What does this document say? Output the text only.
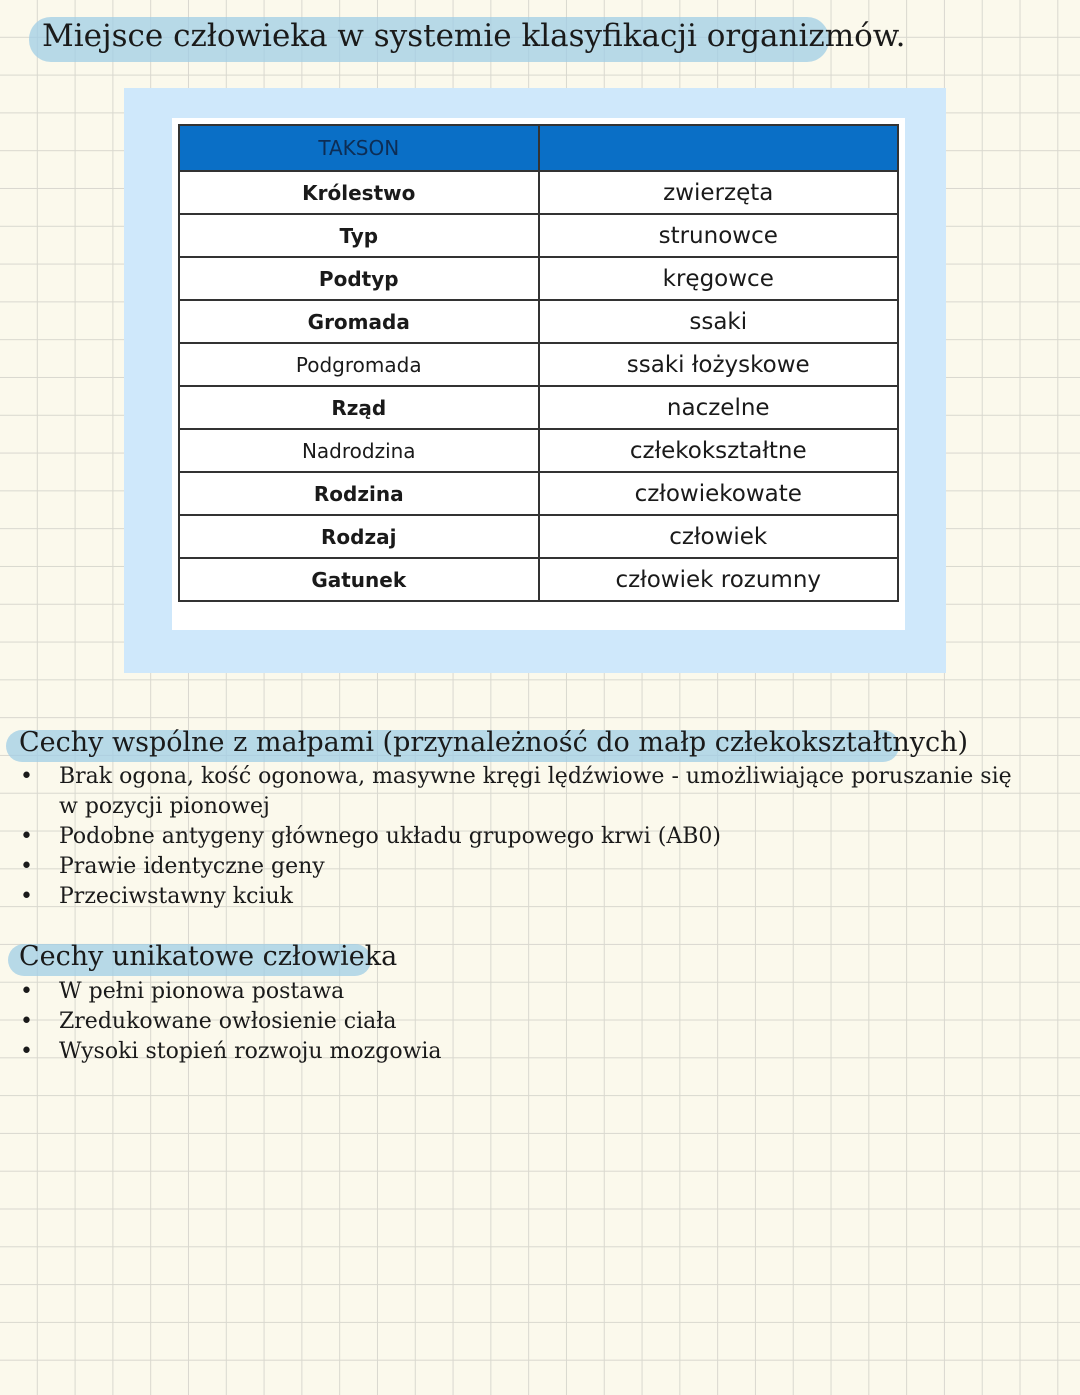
Miejsce człowieka w systemie klasyfikacji organizmów.
TAKSON	
Królestwo	zwierzęta
Typ	strunowce
Podtyp	kręgowce
Gromada	ssaki
Podgromada	ssaki łożyskowe
Rząd	naczelne
Nadrodzina	człekokształtne
Rodzina	człowiekowate
Rodzaj	człowiek
Gatunek	człowiek rozumny
Cechy wspólne z małpami (przynależność do małp człekokształtnych)
• Brak ogona, kość ogonowa, masywne kręgi lędźwiowe - umożliwiające poruszanie się w pozycji pionowej
• Podobne antygeny głównego układu grupowego krwi (AB0)
• Prawie identyczne geny
• Przeciwstawny kciuk
Cechy unikatowe człowieka
• W pełni pionowa postawa
• Zredukowane owłosienie ciała
• Wysoki stopień rozwoju mozgowia
